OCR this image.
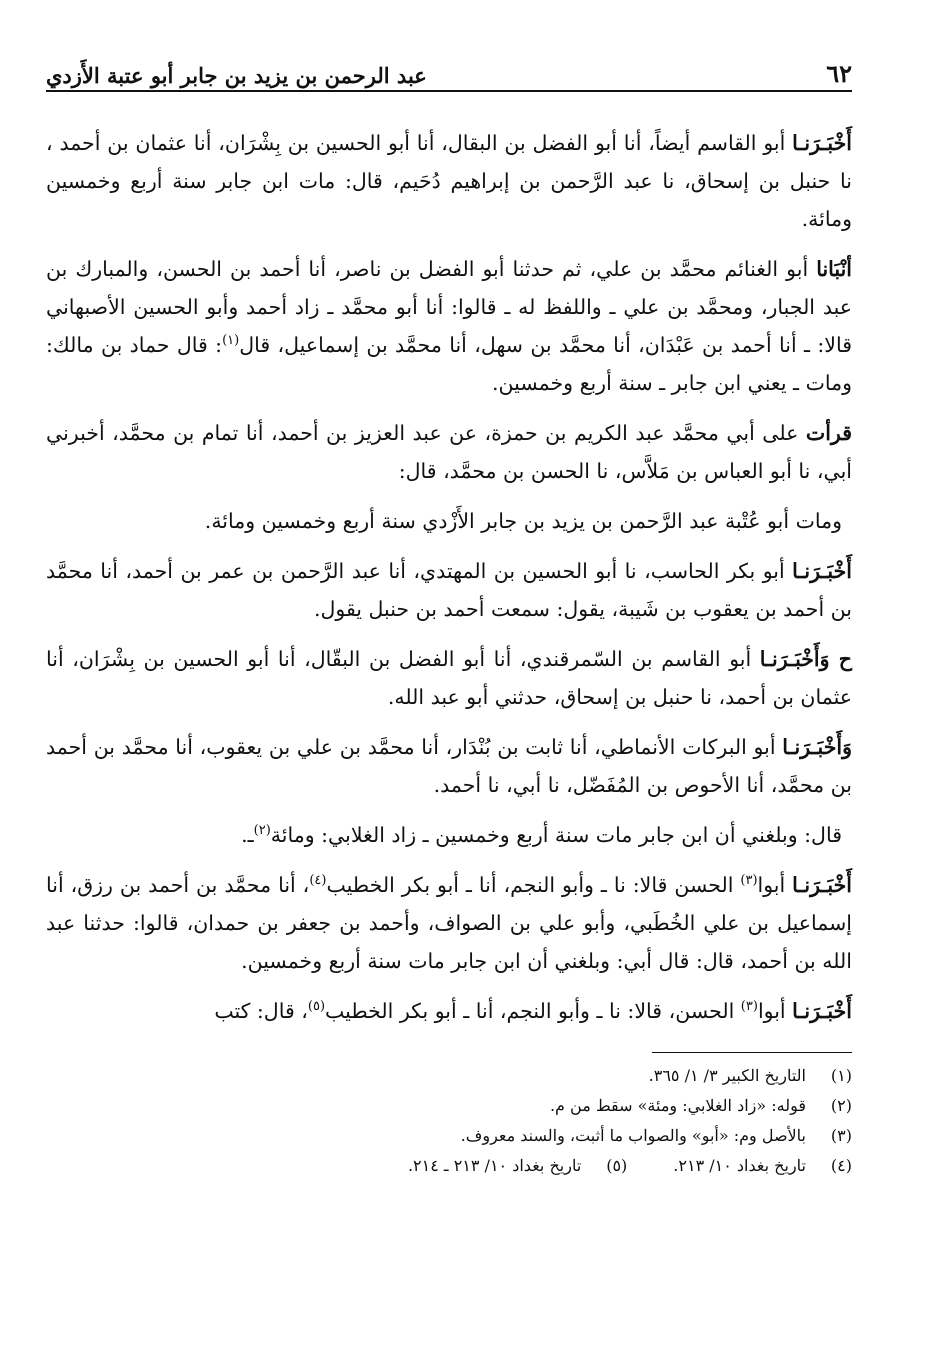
٦٢
عبد الرحمن بن يزيد بن جابر أبو عتبة الأَزدي

أَخْبَـرَنـا أبو القاسم أيضاً، أنا أبو الفضل بن البقال، أنا أبو الحسين بن بِشْرَان، أنا عثمان بن أحمد ، نا حنبل بن إسحاق، نا عبد الرَّحمن بن إبراهيم دُحَيم، قال: مات ابن جابر سنة أربع وخمسين ومائة.

أنْبَانا أبو الغنائم محمَّد بن علي، ثم حدثنا أبو الفضل بن ناصر، أنا أحمد بن الحسن، والمبارك بن عبد الجبار، ومحمَّد بن علي ـ واللفظ له ـ قالوا: أنا أبو محمَّد ـ زاد أحمد وأبو الحسين الأصبهاني قالا: ـ أنا أحمد بن عَبْدَان، أنا محمَّد بن سهل، أنا محمَّد بن إسماعيل، قال$^{(١)}$: قال حماد بن مالك: ومات ـ يعني ابن جابر ـ سنة أربع وخمسين.

قرأت على أبي محمَّد عبد الكريم بن حمزة، عن عبد العزيز بن أحمد، أنا تمام بن محمَّد، أخبرني أبي، نا أبو العباس بن مَلاَّس، نا الحسن بن محمَّد، قال:

ومات أبو عُتْبة عبد الرَّحمن بن يزيد بن جابر الأَزْدي سنة أربع وخمسين ومائة.

أَخْبَـرَنـا أبو بكر الحاسب، نا أبو الحسين بن المهتدي، أنا عبد الرَّحمن بن عمر بن أحمد، أنا محمَّد بن أحمد بن يعقوب بن شَيبة، يقول: سمعت أحمد بن حنبل يقول.

ح وَأَخْبَـرَنـا أبو القاسم بن السّمرقندي، أنا أبو الفضل بن البقّال، أنا أبو الحسين بن بِشْرَان، أنا عثمان بن أحمد، نا حنبل بن إسحاق، حدثني أبو عبد الله.

وَأَخْبَـرَنـا أبو البركات الأنماطي، أنا ثابت بن بُنْدَار، أنا محمَّد بن علي بن يعقوب، أنا محمَّد بن أحمد بن محمَّد، أنا الأحوص بن المُفَضّل، نا أبي، نا أحمد.

قال: وبلغني أن ابن جابر مات سنة أربع وخمسين ـ زاد الغلابي: ومائة$^{(٢)}$ـ.

أَخْبَـرَنـا أبوا$^{(٣)}$ الحسن قالا: نا ـ وأبو النجم، أنا ـ أبو بكر الخطيب$^{(٤)}$، أنا محمَّد بن أحمد بن رزق، أنا إسماعيل بن علي الخُطَبي، وأبو علي بن الصواف، وأحمد بن جعفر بن حمدان، قالوا: حدثنا عبد الله بن أحمد، قال: قال أبي: وبلغني أن ابن جابر مات سنة أربع وخمسين.

أَخْبَـرَنـا أبوا$^{(٣)}$ الحسن، قالا: نا ـ وأبو النجم، أنا ـ أبو بكر الخطيب$^{(٥)}$، قال: كتب

(١)
التاريخ الكبير ٣/ ١/ ٣٦٥.
(٢)
قوله: «زاد الغلابي: ومئة» سقط من م.
(٣)
بالأصل وم: «أبو» والصواب ما أثبت، والسند معروف.
(٤)
تاريخ بغداد ١٠/ ٢١٣.
(٥)
تاريخ بغداد ١٠/ ٢١٣ ـ ٢١٤.
